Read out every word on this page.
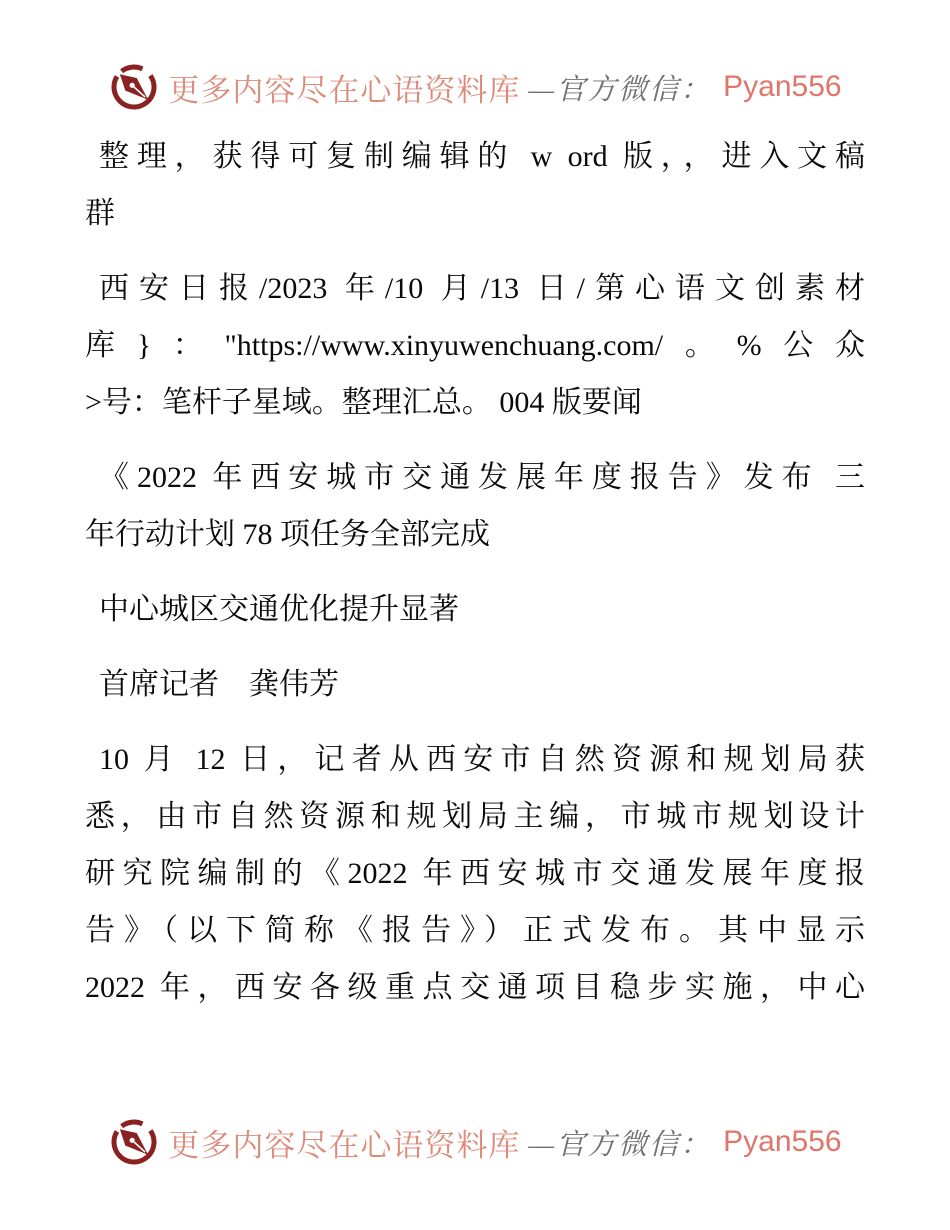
更多内容尽在心语资料库 —官方微信： Pyan556
整理，获得可复制编辑的 w ord 版，，进入文稿
群
西安日报/2023 年/10 月/13 日/第心语文创素材
库}："https://www.xinyuwenchuang.com/。%公众
>号：笔杆子星域。整理汇总。 004 版要闻
《2022 年西安城市交通发展年度报告》发布 三
年行动计划 78 项任务全部完成
中心城区交通优化提升显著
首席记者　龚伟芳
10 月 12 日，记者从西安市自然资源和规划局获
悉，由市自然资源和规划局主编，市城市规划设计
研究院编制的《2022 年西安城市交通发展年度报
告》（以下简称《报告》）正式发布。其中显示
2022 年，西安各级重点交通项目稳步实施，中心
更多内容尽在心语资料库 —官方微信： Pyan556
